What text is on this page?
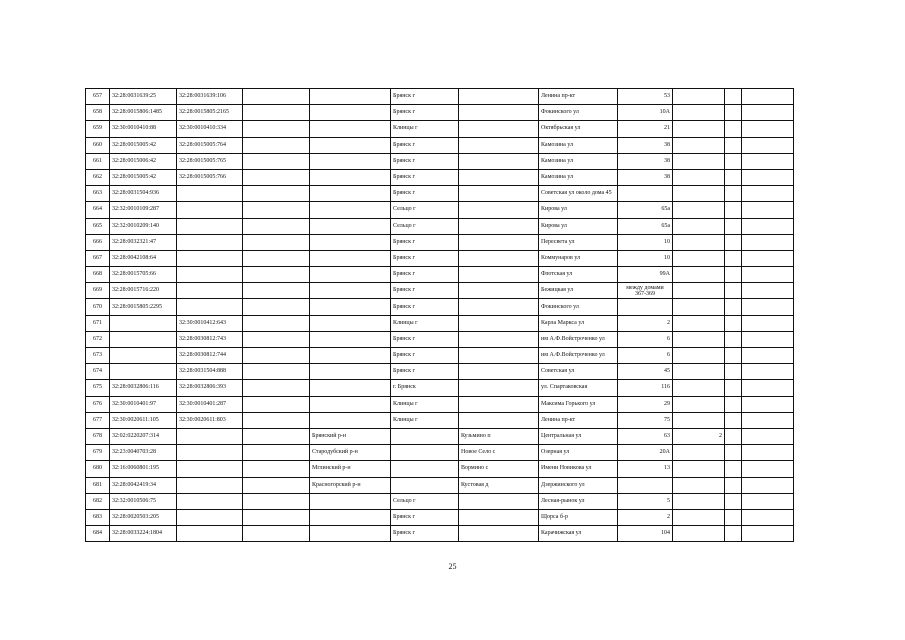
657	32:28:0031639:25	32:28:0031639:106			Брянск г		Ленина пр-кт	53			
658	32:28:0015806:1485	32:28:0015805:2165			Брянск г		Фокинского ул	10А			
659	32:30:0010410:88	32:30:0010410:334			Клинцы г		Октябрьская ул	21			
660	32:28:0015005:42	32:28:0015005:764			Брянск г		Камозина ул	38			
661	32:28:0015006:42	32:28:0015005:765			Брянск г		Камозина ул	38			
662	32:28:0015005:42	32:28:0015005:766			Брянск г		Камозина ул	38			
663	32:28:0031504:936				Брянск г		Советская ул около дома 45				
664	32:32:0010109:287				Сельцо г		Кирова ул	65а			
665	32:32:0010209:140				Сельцо г		Кирова ул	65а			
666	32:28:0032321:47				Брянск г		Пересвета ул	10			
667	32:28:0042108:64				Брянск г		Коммунаров ул	10			
668	32:28:0015705:66				Брянск г		Флотская ул	99А			
669	32:28:0015716:220				Брянск г		Бежицкая ул	между домами 367-369			
670	32:28:0015805:2295				Брянск г		Фокинского ул				
671		32:30:0010412:643			Клинцы г		Карла Маркса ул	2			
672		32:28:0030812:743			Брянск г		им А.Ф.Войстроченко ул	6			
673		32:28:0030812:744			Брянск г		им А.Ф.Войстроченко ул	6			
674		32:28:0031504:888			Брянск г		Советская ул	45			
675	32:28:0032806:116	32:28:0032806:393			г. Брянск		ул. Спартаковская	116			
676	32:30:0010401:97	32:30:0010401:287			Клинцы г		Максима Горького ул	29			
677	32:30:0020611:105	32:30:0020611:803			Клинцы г		Ленина пр-кт	75			
678	32:02:0220207:314			Брянский р-н		Кузьмино п	Центральная ул	63	2		
679	32:23:0040703:28			Стародубский р-н		Новое Село с	Озерная ул	20А			
680	32:16:0060801:195			Мглинский р-н		Вормино с	Имени Новикова ул	13			
681	32:28:0042419:34			Красногорский р-н		Кустовая д	Дзержинского ул				
682	32:32:0010506:75				Сельцо г		Лесная-рынок ул	5			
683	32:28:0020503:205				Брянск г		Щорса б-р	2			
684	32:28:0033224:1804				Брянск г		Карачижская ул	104			
25
